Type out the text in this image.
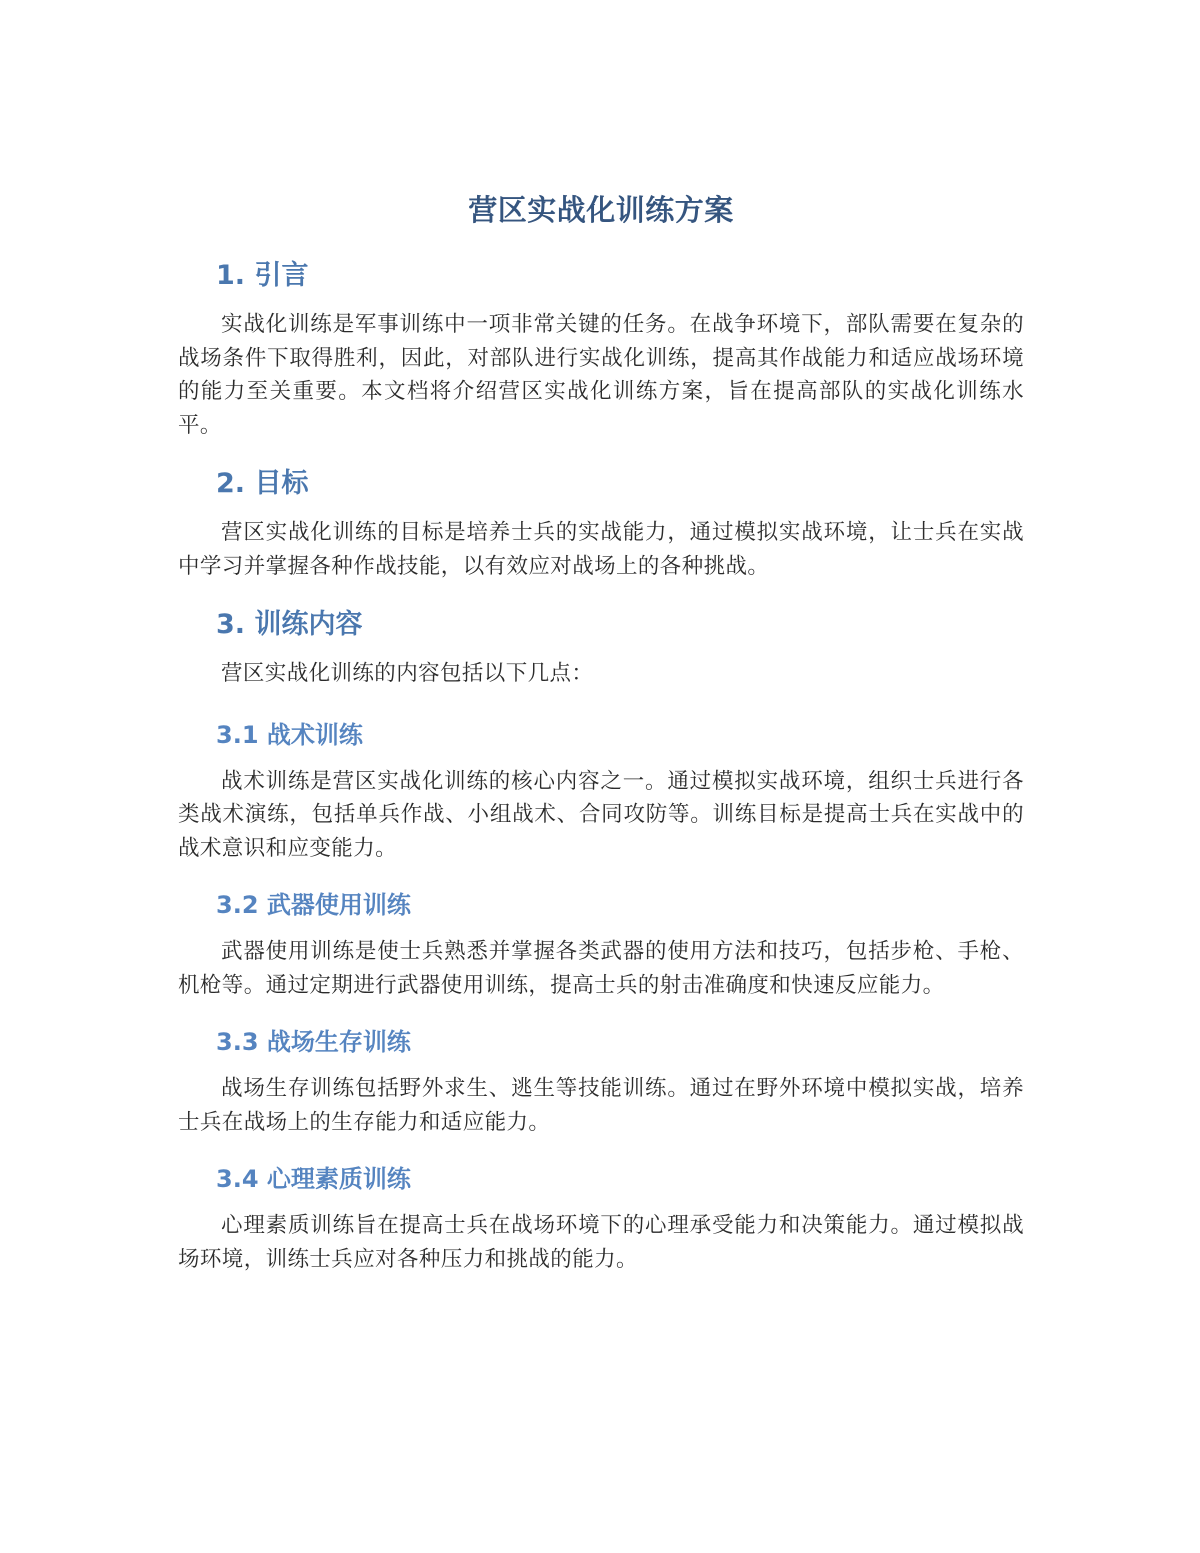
营区实战化训练方案
1. 引言

实战化训练是军事训练中一项非常关键的任务。在战争环境下，部队需要在复杂的战场条件下取得胜利，因此，对部队进行实战化训练，提高其作战能力和适应战场环境的能力至关重要。本文档将介绍营区实战化训练方案，旨在提高部队的实战化训练水平。

2. 目标

营区实战化训练的目标是培养士兵的实战能力，通过模拟实战环境，让士兵在实战中学习并掌握各种作战技能，以有效应对战场上的各种挑战。

3. 训练内容

营区实战化训练的内容包括以下几点：

3.1 战术训练

战术训练是营区实战化训练的核心内容之一。通过模拟实战环境，组织士兵进行各类战术演练，包括单兵作战、小组战术、合同攻防等。训练目标是提高士兵在实战中的战术意识和应变能力。

3.2 武器使用训练

武器使用训练是使士兵熟悉并掌握各类武器的使用方法和技巧，包括步枪、手枪、机枪等。通过定期进行武器使用训练，提高士兵的射击准确度和快速反应能力。

3.3 战场生存训练

战场生存训练包括野外求生、逃生等技能训练。通过在野外环境中模拟实战，培养士兵在战场上的生存能力和适应能力。

3.4 心理素质训练

心理素质训练旨在提高士兵在战场环境下的心理承受能力和决策能力。通过模拟战场环境，训练士兵应对各种压力和挑战的能力。
